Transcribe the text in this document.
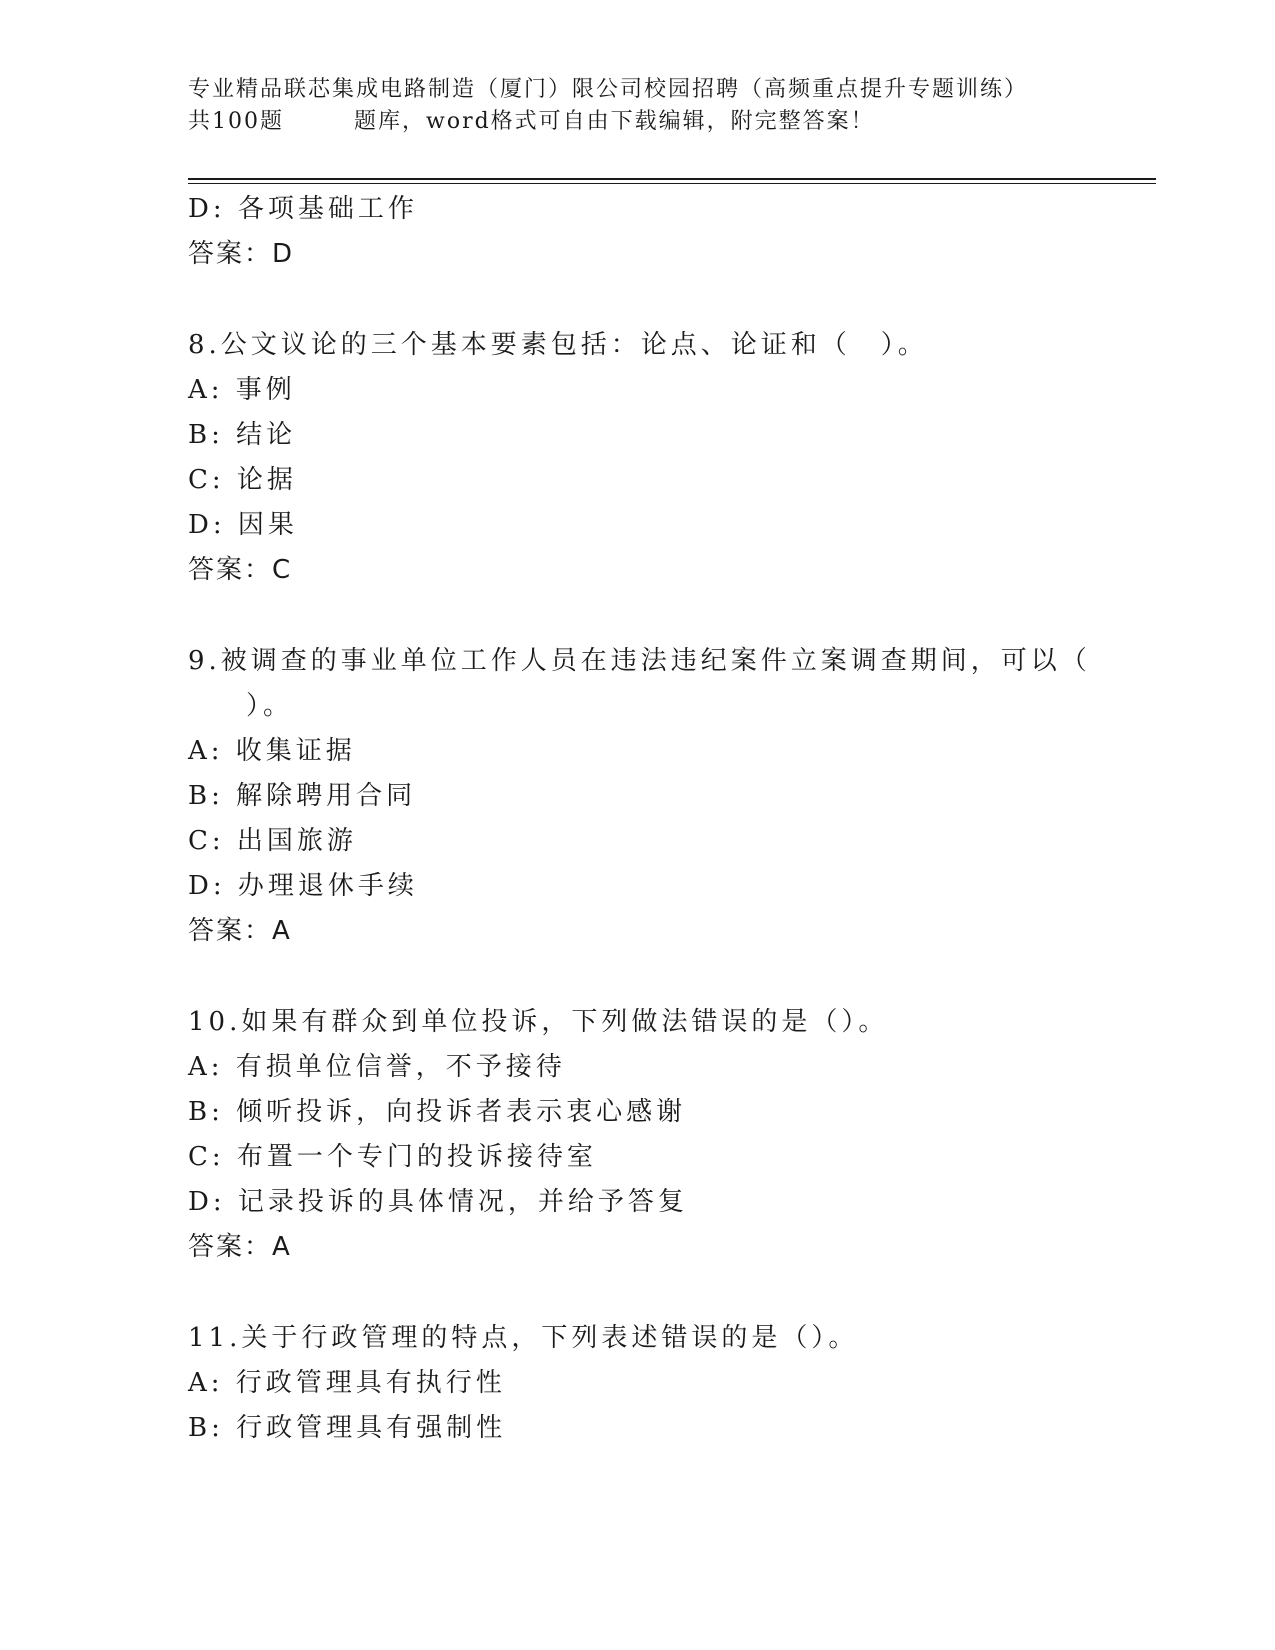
专业精品联芯集成电路制造（厦门）限公司校园招聘（高频重点提升专题训练）
共100题	题库，word格式可自由下载编辑，附完整答案！
D: 各项基础工作
答案：D
8.公文议论的三个基本要素包括：论点、论证和（　）。
A: 事例
B: 结论
C: 论据
D: 因果
答案：C
9.被调查的事业单位工作人员在违法违纪案件立案调查期间，可以（
）。
A: 收集证据
B: 解除聘用合同
C: 出国旅游
D: 办理退休手续
答案：A
10.如果有群众到单位投诉，下列做法错误的是（）。
A: 有损单位信誉，不予接待
B: 倾听投诉，向投诉者表示衷心感谢
C: 布置一个专门的投诉接待室
D: 记录投诉的具体情况，并给予答复
答案：A
11.关于行政管理的特点，下列表述错误的是（）。
A: 行政管理具有执行性
B: 行政管理具有强制性
